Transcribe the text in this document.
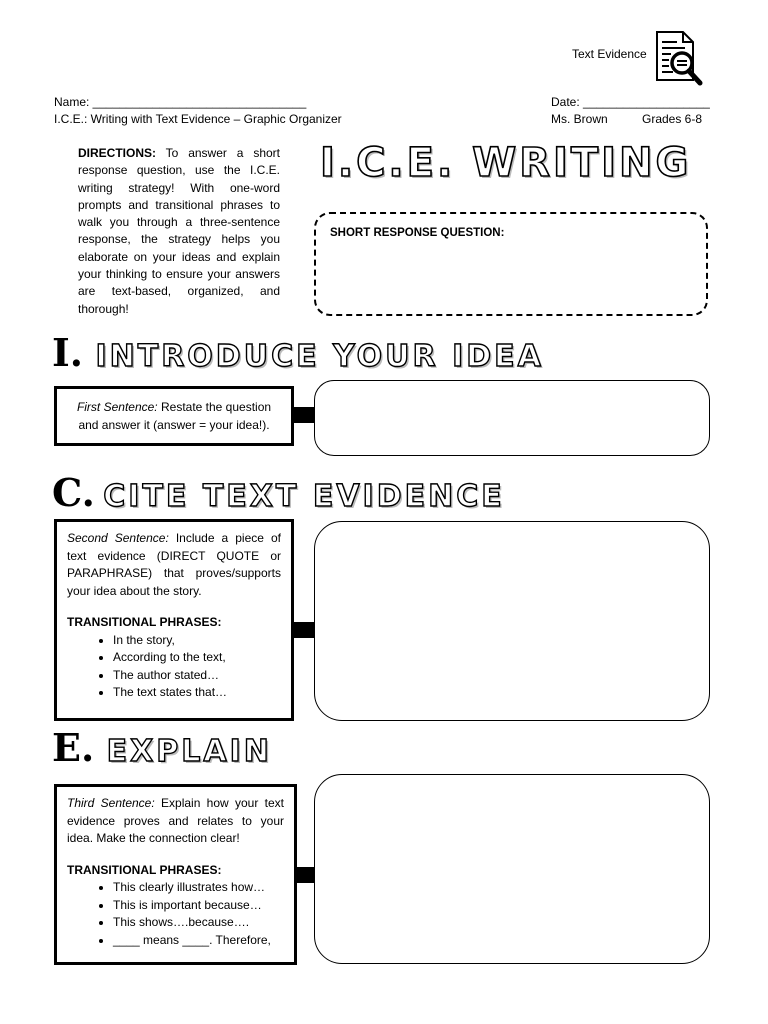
Text Evidence
Name: ________________________________
I.C.E.: Writing with Text Evidence – Graphic Organizer
Date: ___________________
Ms. Brown	Grades 6-8
DIRECTIONS: To answer a short response question, use the I.C.E. writing strategy! With one-word prompts and transitional phrases to walk you through a three-sentence response, the strategy helps you elaborate on your ideas and explain your thinking to ensure your answers are text-based, organized, and thorough!
I.C.E. WRITING
SHORT RESPONSE QUESTION:
I. INTRODUCE YOUR IDEA
First Sentence: Restate the question and answer it (answer = your idea!).
C. CITE TEXT EVIDENCE
Second Sentence: Include a piece of text evidence (DIRECT QUOTE or PARAPHRASE) that proves/supports your idea about the story.
TRANSITIONAL PHRASES:
• In the story,
• According to the text,
• The author stated…
• The text states that…
E. EXPLAIN
Third Sentence: Explain how your text evidence proves and relates to your idea. Make the connection clear!
TRANSITIONAL PHRASES:
• This clearly illustrates how…
• This is important because…
• This shows….because….
• ____ means ____. Therefore,
